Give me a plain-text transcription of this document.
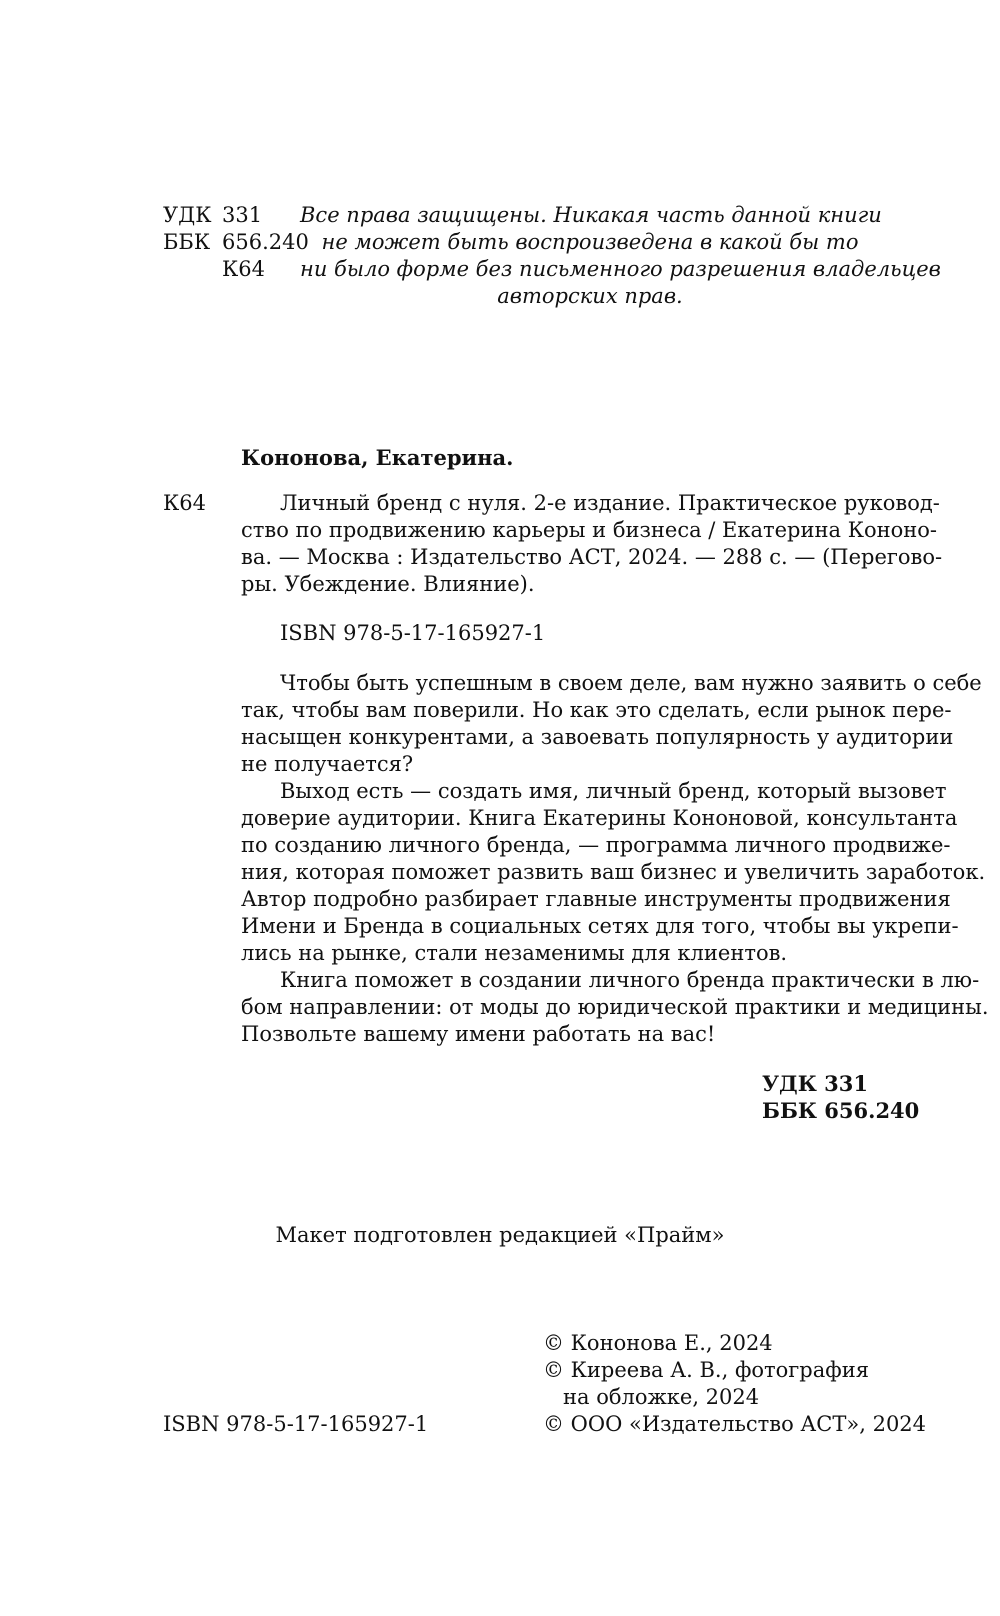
УДК 331
ББК 656.240
К64
Все права защищены. Никакая часть данной книги
не может быть воспроизведена в какой бы то
ни было форме без письменного разрешения владельцев
авторских прав.
Кононова, Екатерина.
К64	Личный бренд с нуля. 2-е издание. Практическое руковод-
ство по продвижению карьеры и бизнеса / Екатерина Кононо-
ва. — Москва : Издательство АСТ, 2024. — 288 с. — (Перегово-
ры. Убеждение. Влияние).
ISBN 978-5-17-165927-1
Чтобы быть успешным в своем деле, вам нужно заявить о себе
так, чтобы вам поверили. Но как это сделать, если рынок пере-
насыщен конкурентами, а завоевать популярность у аудитории
не получается?
Выход есть — создать имя, личный бренд, который вызовет
доверие аудитории. Книга Екатерины Кононовой, консультанта
по созданию личного бренда, — программа личного продвиже-
ния, которая поможет развить ваш бизнес и увеличить заработок.
Автор подробно разбирает главные инструменты продвижения
Имени и Бренда в социальных сетях для того, чтобы вы укрепи-
лись на рынке, стали незаменимы для клиентов.
Книга поможет в создании личного бренда практически в лю-
бом направлении: от моды до юридической практики и медицины.
Позвольте вашему имени работать на вас!
УДК 331
ББК 656.240
Макет подготовлен редакцией «Прайм»
© Кононова Е., 2024
© Киреева А. В., фотография
на обложке, 2024
© ООО «Издательство АСТ», 2024
ISBN 978-5-17-165927-1
